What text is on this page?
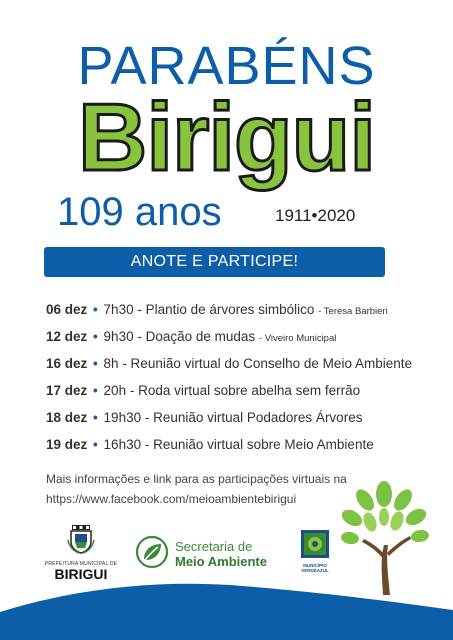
PARABÉNS
Birigui
109 anos	1911•2020
ANOTE E PARTICIPE!
06 dez • 7h30 - Plantio de árvores simbólico - Teresa Barbieri
12 dez • 9h30 - Doação de mudas - Viveiro Municipal
16 dez • 8h - Reunião virtual do Conselho de Meio Ambiente
17 dez • 20h - Roda virtual sobre abelha sem ferrão
18 dez • 19h30 - Reunião virtual Podadores Árvores
19 dez • 16h30 - Reunião virtual sobre Meio Ambiente
Mais informações e link para as participações virtuais na
https://www.facebook.com/meioambientebirigui
PREFEITURA MUNICIPAL DE
BIRIGUI
Secretaria de
Meio Ambiente	MUNICÍPIO
VERDEAZUL
